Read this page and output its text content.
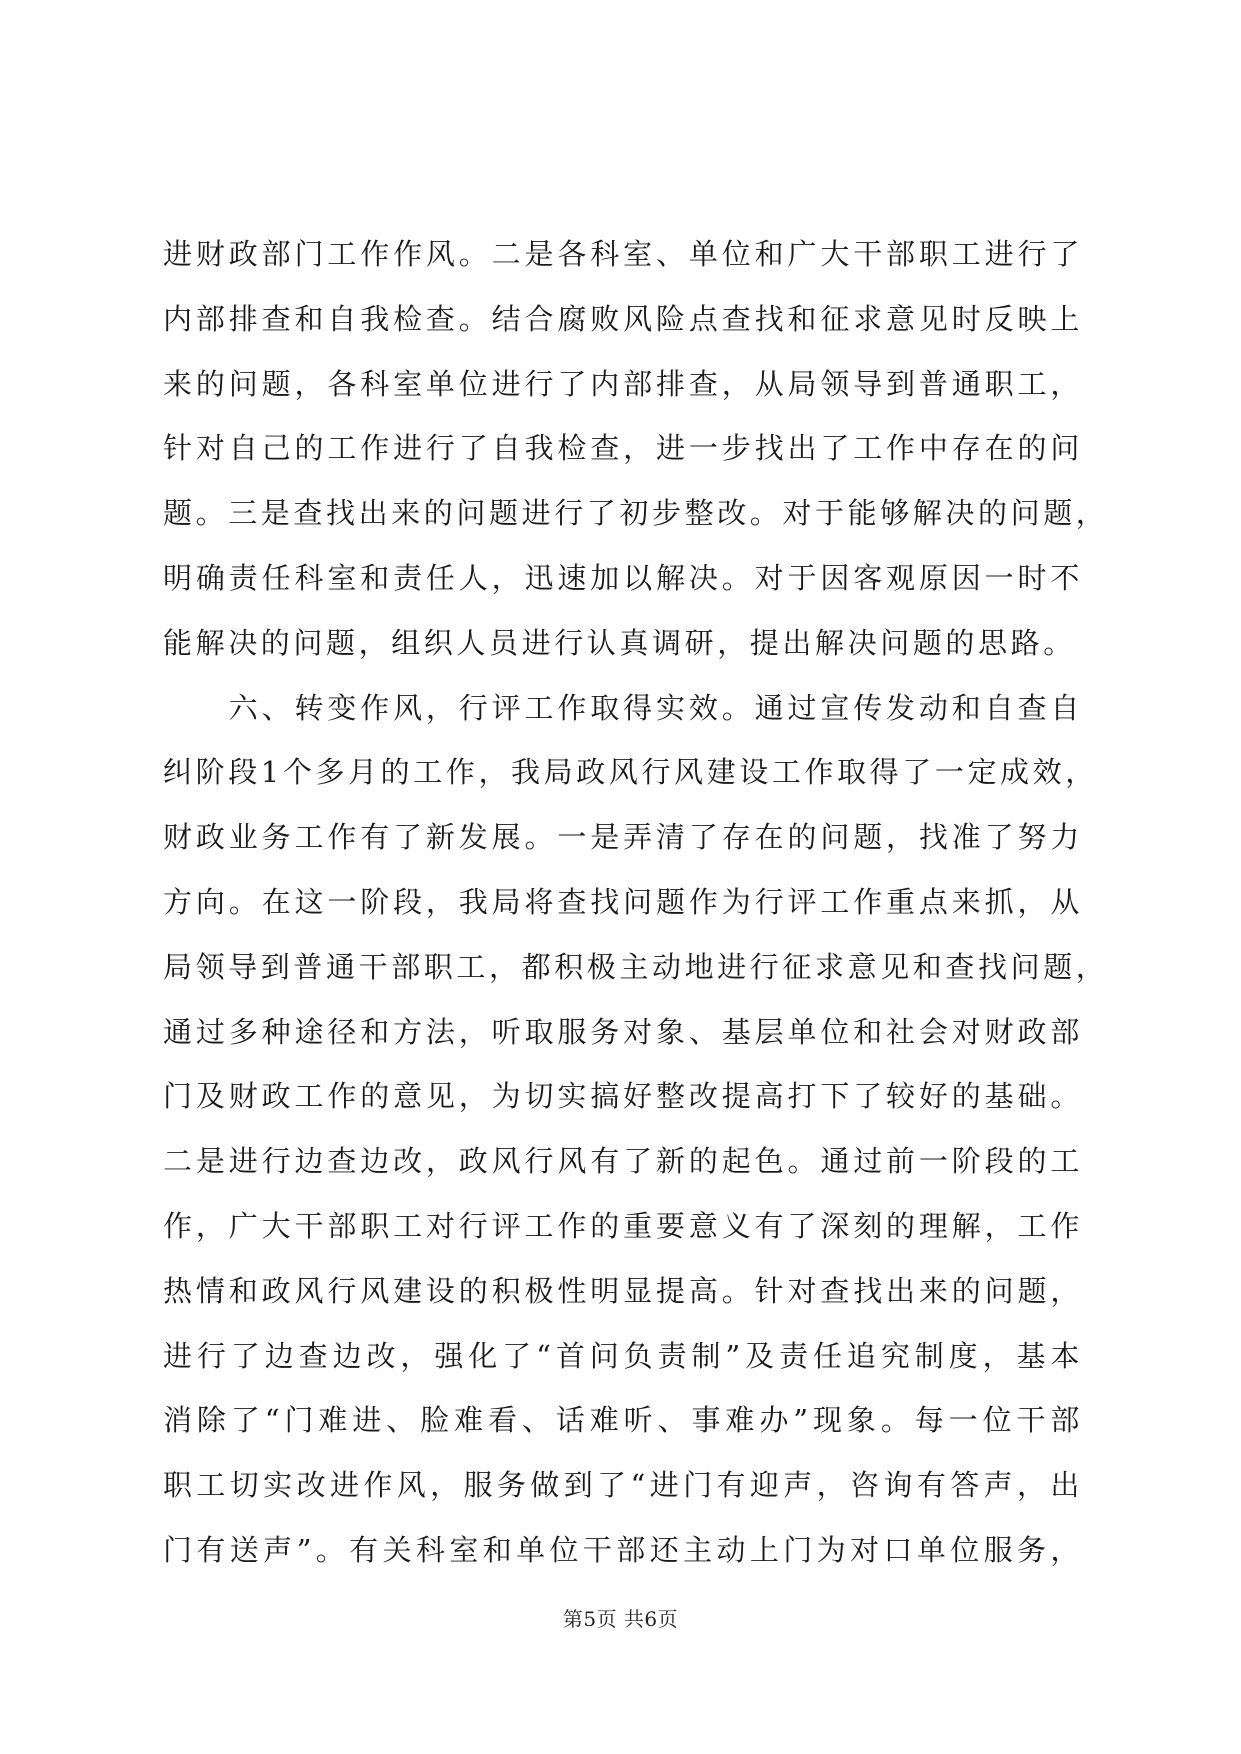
进财政部门工作作风。二是各科室、单位和广大干部职工进行了
内部排查和自我检查。结合腐败风险点查找和征求意见时反映上
来的问题，各科室单位进行了内部排查，从局领导到普通职工，
针对自己的工作进行了自我检查，进一步找出了工作中存在的问
题。三是查找出来的问题进行了初步整改。对于能够解决的问题，
明确责任科室和责任人，迅速加以解决。对于因客观原因一时不
能解决的问题，组织人员进行认真调研，提出解决问题的思路。
　　六、转变作风，行评工作取得实效。通过宣传发动和自查自
纠阶段1个多月的工作，我局政风行风建设工作取得了一定成效，
财政业务工作有了新发展。一是弄清了存在的问题，找准了努力
方向。在这一阶段，我局将查找问题作为行评工作重点来抓，从
局领导到普通干部职工，都积极主动地进行征求意见和查找问题，
通过多种途径和方法，听取服务对象、基层单位和社会对财政部
门及财政工作的意见，为切实搞好整改提高打下了较好的基础。
二是进行边查边改，政风行风有了新的起色。通过前一阶段的工
作，广大干部职工对行评工作的重要意义有了深刻的理解，工作
热情和政风行风建设的积极性明显提高。针对查找出来的问题，
进行了边查边改，强化了“首问负责制”及责任追究制度，基本
消除了“门难进、脸难看、话难听、事难办”现象。每一位干部
职工切实改进作风，服务做到了“进门有迎声，咨询有答声，出
门有送声”。有关科室和单位干部还主动上门为对口单位服务，
第5页 共6页
